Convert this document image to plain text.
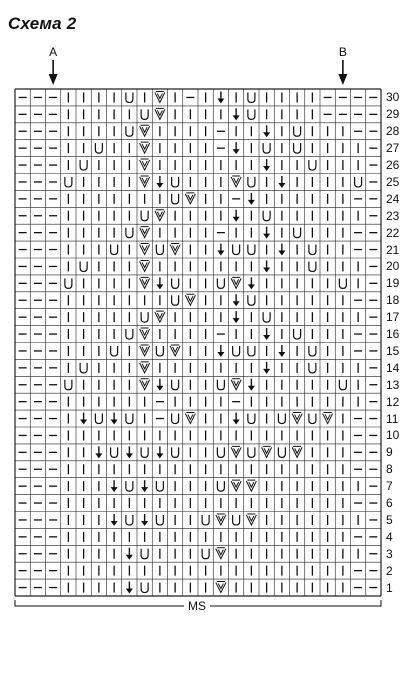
Схема 2
A	B
30
29
28
27
26
25
24
23
22
21
20
19
18
17
16
15
14
13
12
11
10
9
8
7
6
5
4
3
2
1
MS
